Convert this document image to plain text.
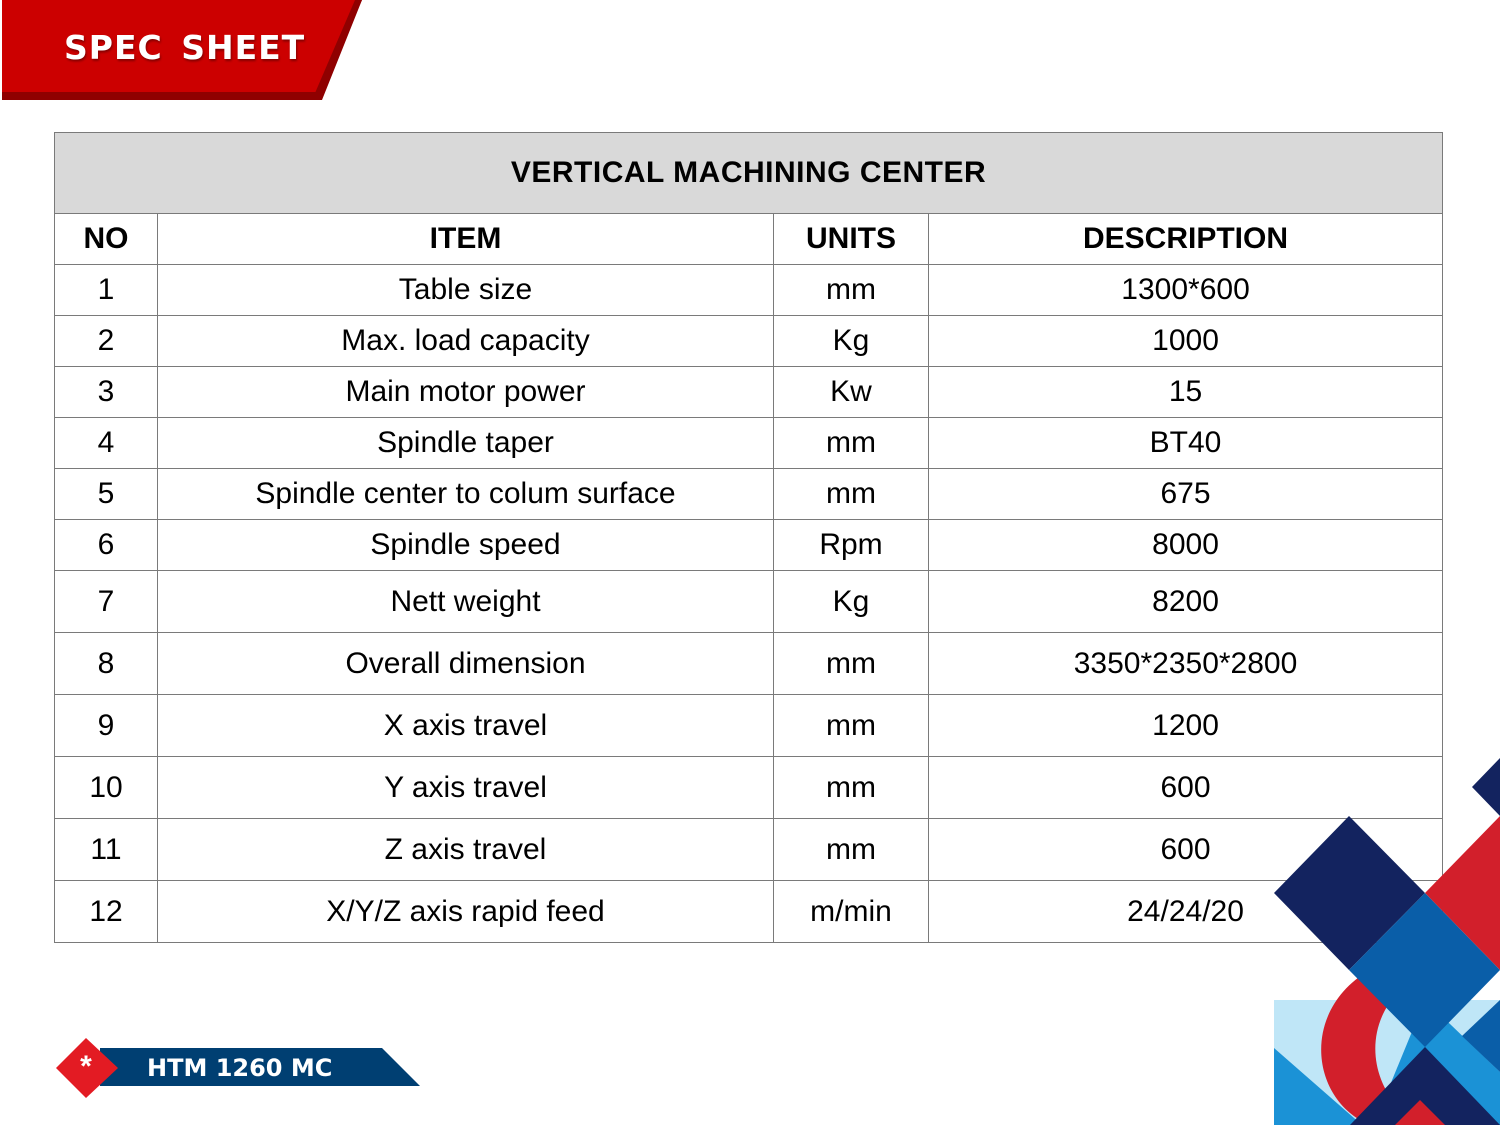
SPEC SHEET
VERTICAL MACHINING CENTER			
NO	ITEM	UNITS	DESCRIPTION
1	Table size	mm	1300*600
2	Max. load capacity	Kg	1000
3	Main motor power	Kw	15
4	Spindle taper	mm	BT40
5	Spindle center to colum surface	mm	675
6	Spindle speed	Rpm	8000
7	Nett weight	Kg	8200
8	Overall dimension	mm	3350*2350*2800
9	X axis travel	mm	1200
10	Y axis travel	mm	600
11	Z axis travel	mm	600
12	X/Y/Z axis rapid feed	m/min	24/24/20
* HTM 1260 MC
